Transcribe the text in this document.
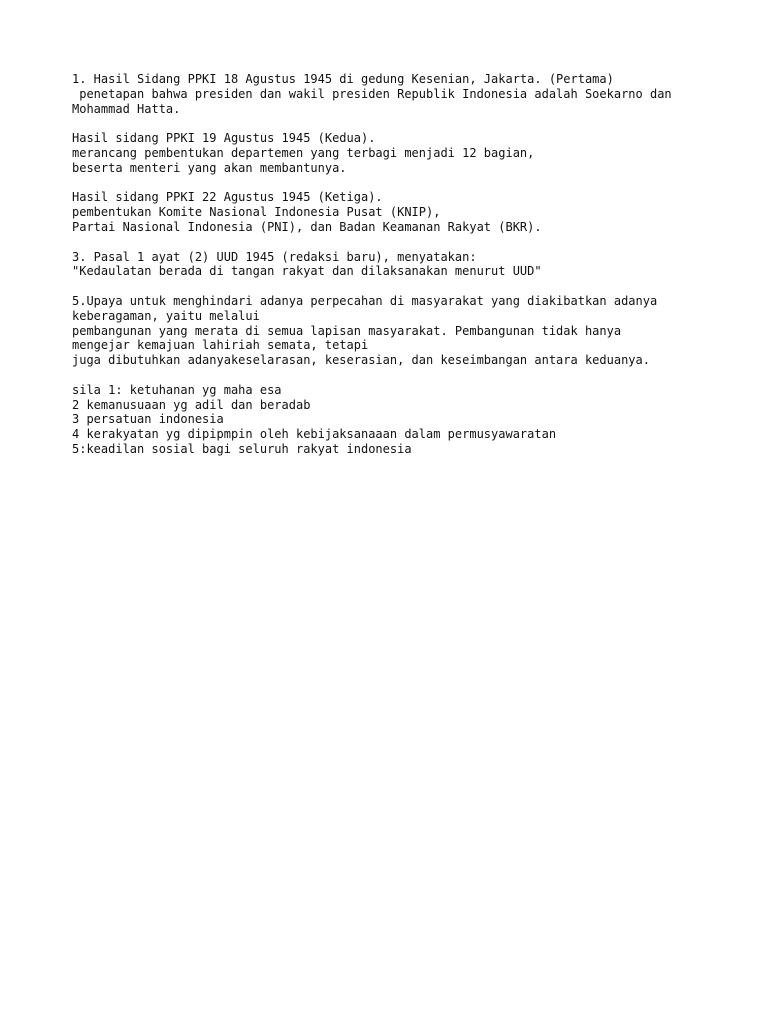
1. Hasil Sidang PPKI 18 Agustus 1945 di gedung Kesenian, Jakarta. (Pertama)
penetapan bahwa presiden dan wakil presiden Republik Indonesia adalah Soekarno dan
Mohammad Hatta.
Hasil sidang PPKI 19 Agustus 1945 (Kedua).
merancang pembentukan departemen yang terbagi menjadi 12 bagian,
beserta menteri yang akan membantunya.
Hasil sidang PPKI 22 Agustus 1945 (Ketiga).
pembentukan Komite Nasional Indonesia Pusat (KNIP),
Partai Nasional Indonesia (PNI), dan Badan Keamanan Rakyat (BKR).
3. Pasal 1 ayat (2) UUD 1945 (redaksi baru), menyatakan:
"Kedaulatan berada di tangan rakyat dan dilaksanakan menurut UUD"
5.Upaya untuk menghindari adanya perpecahan di masyarakat yang diakibatkan adanya
keberagaman, yaitu melalui
pembangunan yang merata di semua lapisan masyarakat. Pembangunan tidak hanya
mengejar kemajuan lahiriah semata, tetapi
juga dibutuhkan adanyakeselarasan, keserasian, dan keseimbangan antara keduanya.
sila 1: ketuhanan yg maha esa
2 kemanusuaan yg adil dan beradab
3 persatuan indonesia
4 kerakyatan yg dipipmpin oleh kebijaksanaaan dalam permusyawaratan
5:keadilan sosial bagi seluruh rakyat indonesia
